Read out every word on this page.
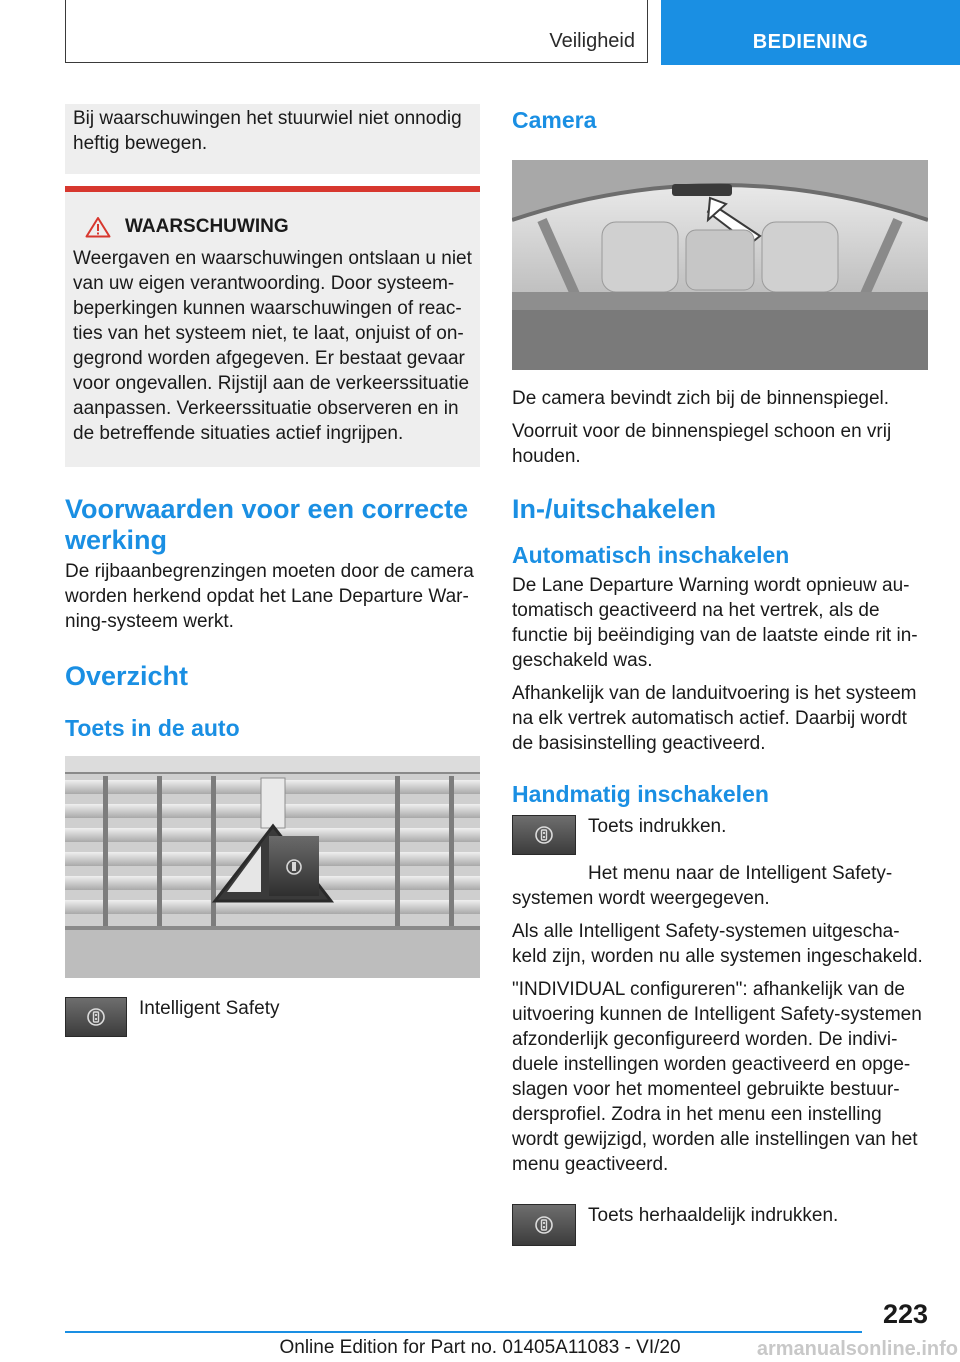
Veiligheid	BEDIENING

Bij waarschuwingen het stuurwiel niet onnodig heftig bewegen.

WAARSCHUWING

Weergaven en waarschuwingen ontslaan u niet van uw eigen verantwoording. Door systeem-beperkingen kunnen waarschuwingen of reac-ties van het systeem niet, te laat, onjuist of on-gegrond worden afgegeven. Er bestaat gevaar voor ongevallen. Rijstijl aan de verkeerssituatie aanpassen. Verkeerssituatie observeren en in de betreffende situaties actief ingrijpen.

Voorwaarden voor een correcte werking

De rijbaanbegrenzingen moeten door de camera worden herkend opdat het Lane Departure War-ning-systeem werkt.

Overzicht
Toets in de auto

Intelligent Safety

Camera

De camera bevindt zich bij de binnenspiegel.

Voorruit voor de binnenspiegel schoon en vrij houden.

In-/uitschakelen
Automatisch inschakelen

De Lane Departure Warning wordt opnieuw au-tomatisch geactiveerd na het vertrek, als de functie bij beëindiging van de laatste einde rit in-geschakeld was.

Afhankelijk van de landuitvoering is het systeem na elk vertrek automatisch actief. Daarbij wordt de basisinstelling geactiveerd.

Handmatig inschakelen

Toets indrukken.

Het menu naar de Intelligent Safety-systemen wordt weergegeven.

Als alle Intelligent Safety-systemen uitgescha-keld zijn, worden nu alle systemen ingeschakeld.

"INDIVIDUAL configureren": afhankelijk van de uitvoering kunnen de Intelligent Safety-systemen afzonderlijk geconfigureerd worden. De indivi-duele instellingen worden geactiveerd en opge-slagen voor het momenteel gebruikte bestuur-dersprofiel. Zodra in het menu een instelling wordt gewijzigd, worden alle instellingen van het menu geactiveerd.

Toets herhaaldelijk indrukken.

223
Online Edition for Part no. 01405A11083 - VI/20	armanualsonline.info
